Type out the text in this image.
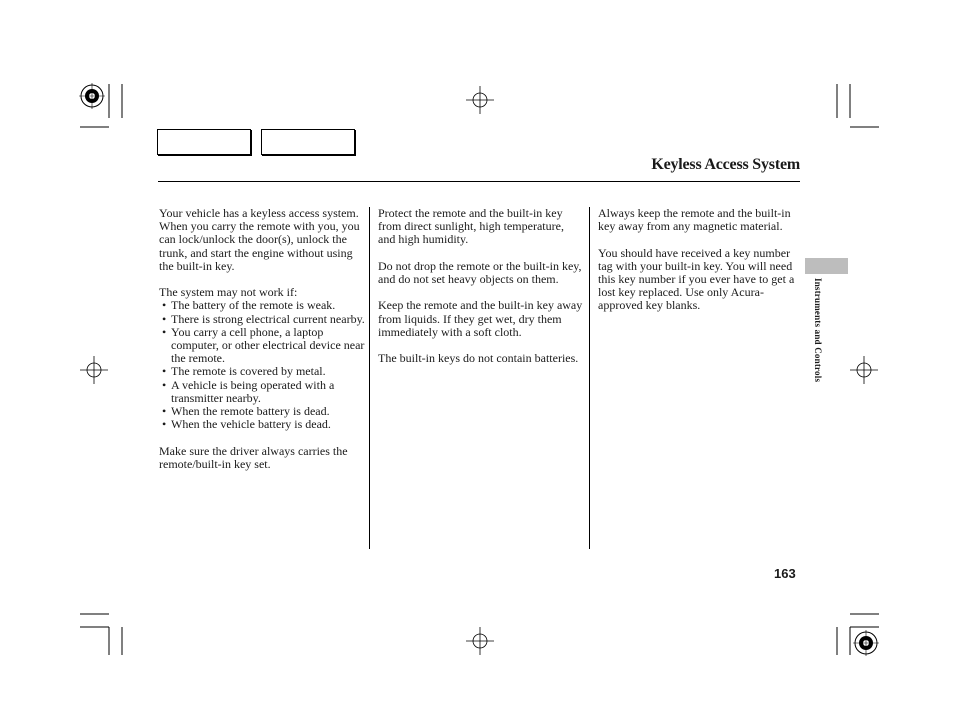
Keyless Access System

Your vehicle has a keyless access system. When you carry the remote with you, you can lock/unlock the door(s), unlock the trunk, and start the engine without using the built-in key.

The system may not work if:

• The battery of the remote is weak.
• There is strong electrical current nearby.
• You carry a cell phone, a laptop computer, or other electrical device near the remote.
• The remote is covered by metal.
• A vehicle is being operated with a transmitter nearby.
• When the remote battery is dead.
• When the vehicle battery is dead.

Make sure the driver always carries the remote/built-in key set.

Protect the remote and the built-in key from direct sunlight, high temperature, and high humidity.

Do not drop the remote or the built-in key, and do not set heavy objects on them.

Keep the remote and the built-in key away from liquids. If they get wet, dry them immediately with a soft cloth.

The built-in keys do not contain batteries.

Always keep the remote and the built-in key away from any magnetic material.

You should have received a key number tag with your built-in key. You will need this key number if you ever have to get a lost key replaced. Use only Acura-approved key blanks.	Instruments and Controls
163
